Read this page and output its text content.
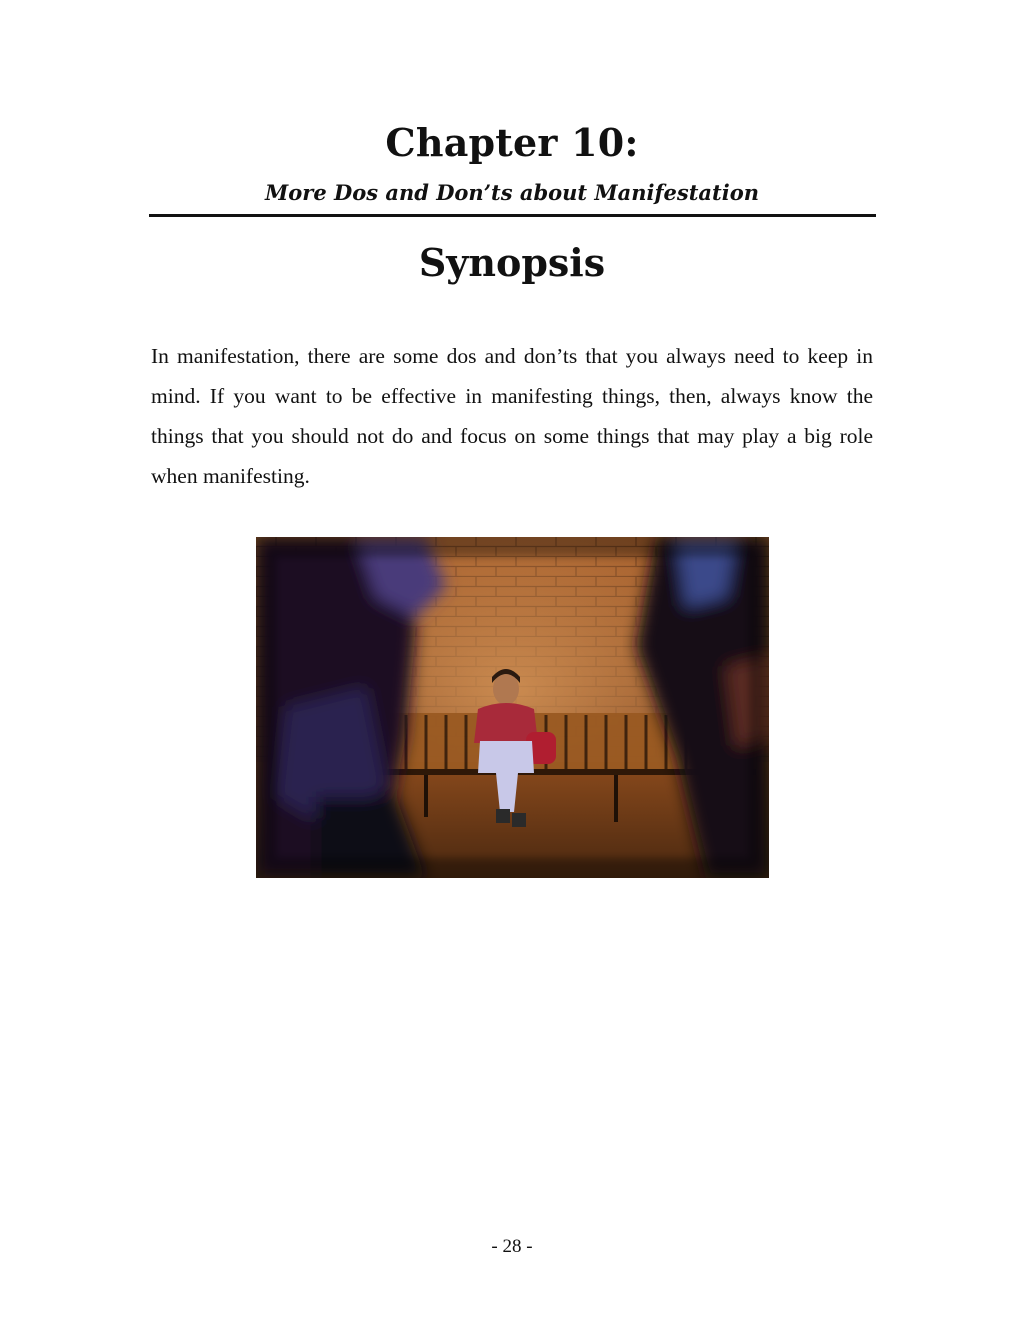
Chapter 10:
More Dos and Don’ts about Manifestation
Synopsis

In manifestation, there are some dos and don’ts that you always need to keep in mind. If you want to be effective in manifesting things, then, always know the things that you should not do and focus on some things that may play a big role when manifesting.

- 28 -
